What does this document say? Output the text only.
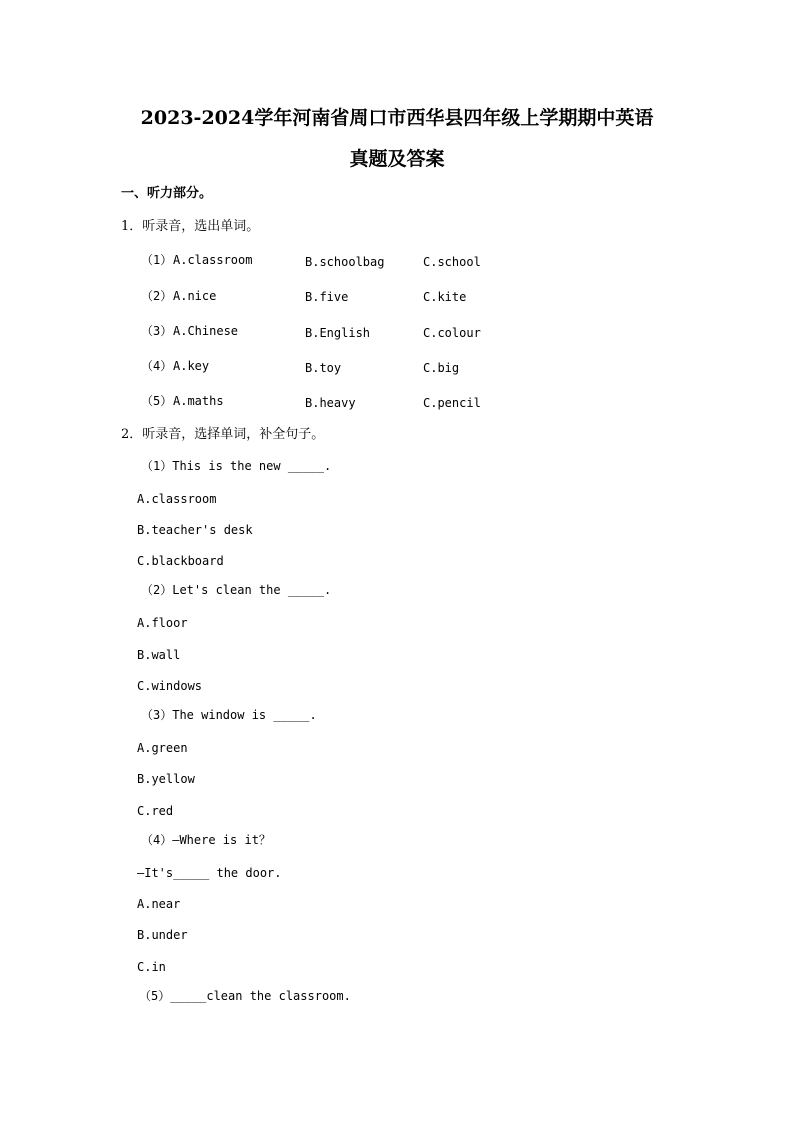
2023-2024学年河南省周口市西华县四年级上学期期中英语
真题及答案
一、听力部分。
1．听录音，选出单词。
（1） A.classroom	B.schoolbag	C.school
（2） A.nice	B.five	C.kite
（3） A.Chinese	B.English	C.colour
（4） A.key	B.toy	C.big
（5） A.maths	B.heavy	C.pencil
2．听录音，选择单词，补全句子。
（1）This is the new _____.
A.classroom
B.teacher's desk
C.blackboard
（2）Let's clean the _____.
A.floor
B.wall
C.windows
（3）The window is _____.
A.green
B.yellow
C.red
（4）—Where is it？
—It's_____ the door.
A.near
B.under
C.in
（5）_____clean the classroom.
